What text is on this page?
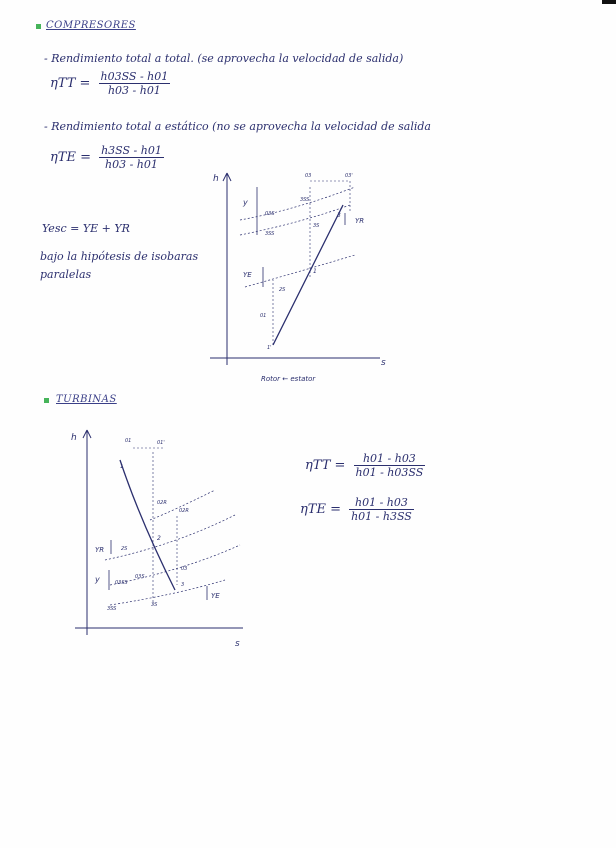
COMPRESORES
- Rendimiento total a total. (se aprovecha la velocidad de salida)
$\eta TT = \frac{h03SS - h01}{h03 - h01}$
- Rendimiento total a estático (no se aprovecha la velocidad de salida
$\eta TE = \frac{h3SS - h01}{h03 - h01}$
Yesc = YE + YR
bajo la hipótesis de isobaras
paralelas
h
s
y
YR
YE
03S
3SS
03	03'
3
3S
3SS
1
2S
01
1'
Rotor ← estator
TURBINAS
h
s
01	01'
1
02R
02R
2
03
3
2S
03SS
03S
3SS
3S
YR
y
YE
$\eta TT = \frac{h01 - h03}{h01 - h03SS}$
$\eta TE = \frac{h01 - h03}{h01 - h3SS}$
